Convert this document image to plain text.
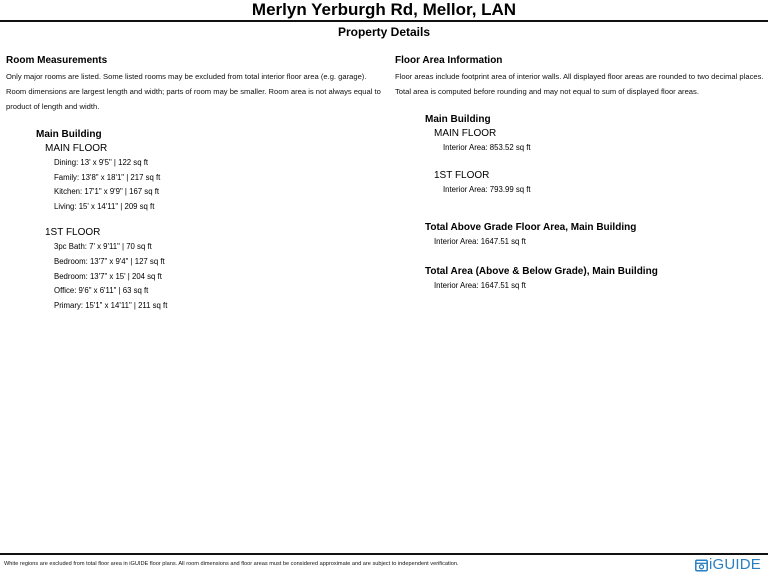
Merlyn Yerburgh Rd, Mellor, LAN
Property Details
Room Measurements
Only major rooms are listed. Some listed rooms may be excluded from total interior floor area (e.g. garage). Room dimensions are largest length and width; parts of room may be smaller. Room area is not always equal to product of length and width.
Main Building
MAIN FLOOR
Dining: 13' x 9'5" | 122 sq ft
Family: 13'8" x 18'1" | 217 sq ft
Kitchen: 17'1" x 9'9" | 167 sq ft
Living: 15' x 14'11" | 209 sq ft
1ST FLOOR
3pc Bath: 7' x 9'11" | 70 sq ft
Bedroom: 13'7" x 9'4" | 127 sq ft
Bedroom: 13'7" x 15' | 204 sq ft
Office: 9'6" x 6'11" | 63 sq ft
Primary: 15'1" x 14'11" | 211 sq ft
Floor Area Information
Floor areas include footprint area of interior walls. All displayed floor areas are rounded to two decimal places. Total area is computed before rounding and may not equal to sum of displayed floor areas.
Main Building
MAIN FLOOR
Interior Area: 853.52 sq ft
1ST FLOOR
Interior Area: 793.99 sq ft
Total Above Grade Floor Area, Main Building
Interior Area: 1647.51 sq ft
Total Area (Above & Below Grade), Main Building
Interior Area: 1647.51 sq ft
White regions are excluded from total floor area in iGUIDE floor plans. All room dimensions and floor areas must be considered approximate and are subject to independent verification.	iGUIDE
